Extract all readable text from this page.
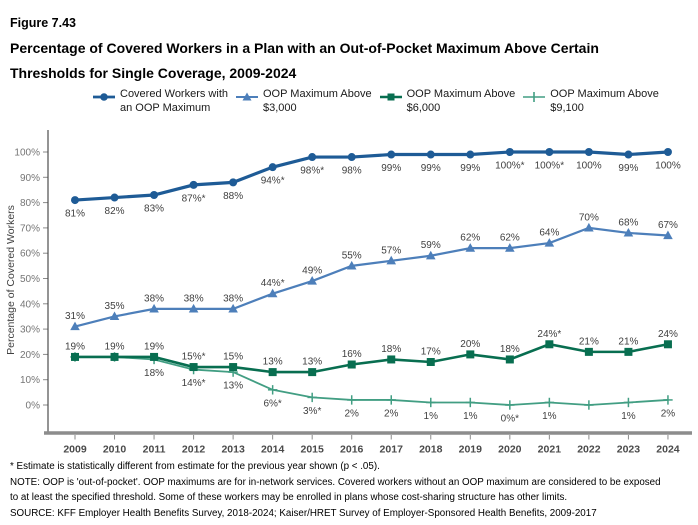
Figure 7.43
Percentage of Covered Workers in a Plan with an Out-of-Pocket Maximum Above Certain
Thresholds for Single Coverage, 2009-2024
Covered Workers with
an OOP Maximum
OOP Maximum Above
$3,000
OOP Maximum Above
$6,000
OOP Maximum Above
$9,100
0%
10%
20%
30%
40%
50%
60%
70%
80%
90%
100%
2009 2010 2011 2012 2013 2014 2015 2016 2017 2018 2019 2020 2021 2022 2023 2024
Percentage of Covered Workers	81% 82% 83%
87%* 88%
94%*
98%* 98% 99% 99% 99% 100%* 100%* 100% 99% 100%
31%
35%
38% 38% 38%
44%*
49%
55% 57% 59%
62% 62% 64%
70% 68% 67%
19% 19% 19%
15%* 15% 13% 13%
16% 18% 17%
20% 18%
24%*
21% 21%
24%
18%
14%* 13%
6%*
3%* 2%	2%	1%	1% 0%* 1%	1%	2%

* Estimate is statistically different from estimate for the previous year shown (p < .05).

NOTE: OOP is 'out-of-pocket'. OOP maximums are for in-network services. Covered workers without an OOP maximum are considered to be exposed to at least the specified threshold. Some of these workers may be enrolled in plans whose cost-sharing structure has other limits.

SOURCE: KFF Employer Health Benefits Survey, 2018-2024; Kaiser/HRET Survey of Employer-Sponsored Health Benefits, 2009-2017
